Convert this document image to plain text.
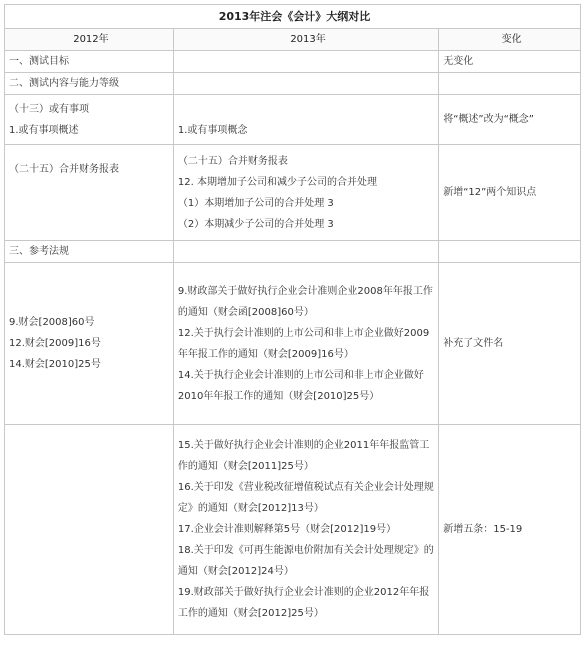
2013年注会《会计》大纲对比		
2012年	2013年	变化
一、测试目标		无变化
二、测试内容与能力等级		

（十三）或有事项
1.或有事项概述	1.或有事项概念	将“概述”改为“概念”

（二十五）合并财务报表	（二十五）合并财务报表
12. 本期增加子公司和减少子公司的合并处理
（1）本期增加子公司的合并处理 3
（2）本期减少子公司的合并处理 3	新增“12”两个知识点

三、参考法规		

9.财会[2008]60号
12.财会[2009]16号
14.财会[2010]25号	9.财政部关于做好执行企业会计准则企业2008年年报工作的通知（财会函[2008]60号）
12.关于执行会计准则的上市公司和非上市企业做好2009年年报工作的通知（财会[2009]16号）
14.关于执行企业会计准则的上市公司和非上市企业做好2010年年报工作的通知（财会[2010]25号）	补充了文件名

	15.关于做好执行企业会计准则的企业2011年年报监管工作的通知（财会[2011]25号）
16.关于印发《营业税改征增值税试点有关企业会计处理规定》的通知（财会[2012]13号）
17.企业会计准则解释第5号（财会[2012]19号）
18.关于印发《可再生能源电价附加有关会计处理规定》的通知（财会[2012]24号）
19.财政部关于做好执行企业会计准则的企业2012年年报工作的通知（财会[2012]25号）	新增五条：15-19
